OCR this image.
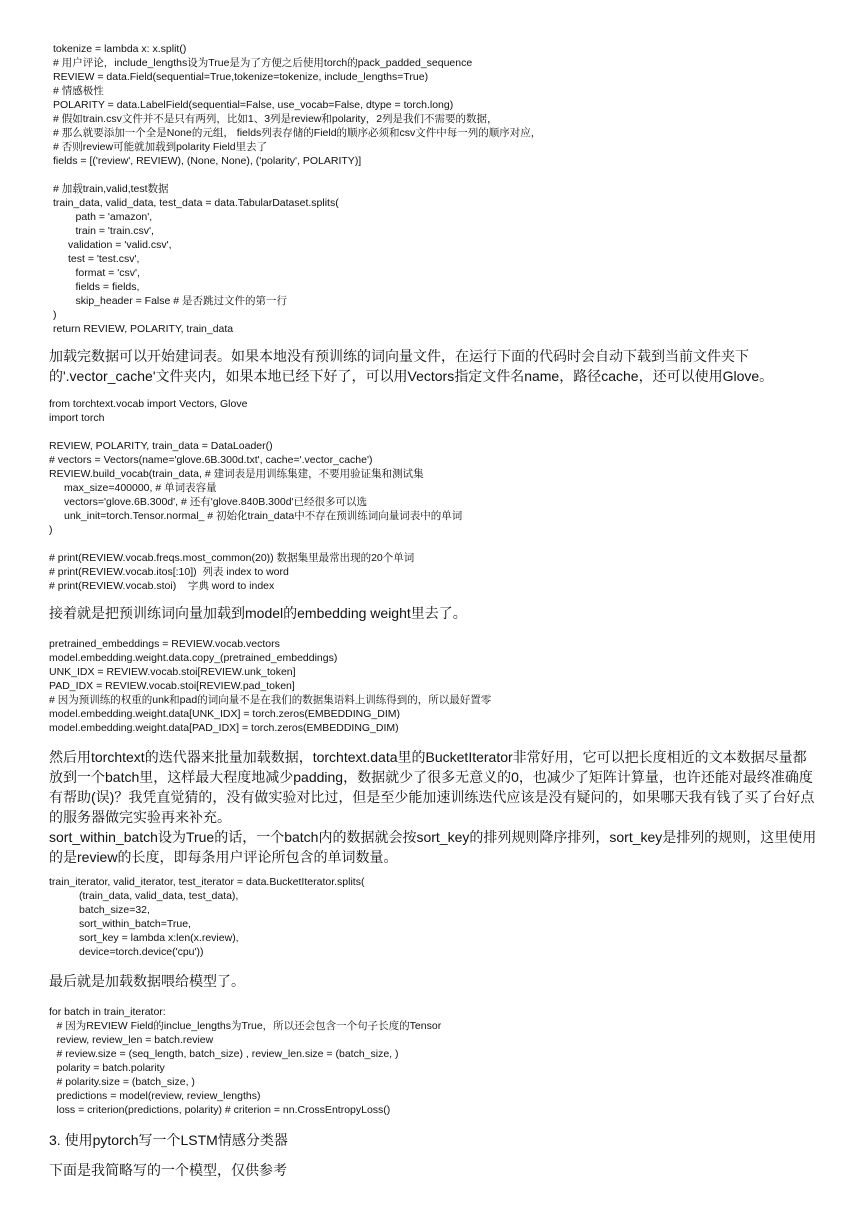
tokenize = lambda x: x.split()
# 用户评论，include_lengths设为True是为了方便之后使用torch的pack_padded_sequence
REVIEW = data.Field(sequential=True,tokenize=tokenize, include_lengths=True)
# 情感极性
POLARITY = data.LabelField(sequential=False, use_vocab=False, dtype = torch.long)
# 假如train.csv文件并不是只有两列，比如1、3列是review和polarity，2列是我们不需要的数据，
# 那么就要添加一个全是None的元组， fields列表存储的Field的顺序必须和csv文件中每一列的顺序对应，
# 否则review可能就加载到polarity Field里去了
fields = [('review', REVIEW), (None, None), ('polarity', POLARITY)]
# 加载train,valid,test数据
train_data, valid_data, test_data = data.TabularDataset.splits(
path = 'amazon',
train = 'train.csv',
validation = 'valid.csv',
test = 'test.csv',
format = 'csv',
fields = fields,
skip_header = False # 是否跳过文件的第一行
)
return REVIEW, POLARITY, train_data
加载完数据可以开始建词表。如果本地没有预训练的词向量文件，在运行下面的代码时会自动下载到当前文件夹下
的'.vector_cache'文件夹内，如果本地已经下好了，可以用Vectors指定文件名name，路径cache，还可以使用Glove。
from torchtext.vocab import Vectors, Glove
import torch
REVIEW, POLARITY, train_data = DataLoader()
# vectors = Vectors(name='glove.6B.300d.txt', cache='.vector_cache')
REVIEW.build_vocab(train_data, # 建词表是用训练集建，不要用验证集和测试集
max_size=400000, # 单词表容量
vectors='glove.6B.300d', # 还有'glove.840B.300d'已经很多可以选
unk_init=torch.Tensor.normal_ # 初始化train_data中不存在预训练词向量词表中的单词
)
# print(REVIEW.vocab.freqs.most_common(20)) 数据集里最常出现的20个单词
# print(REVIEW.vocab.itos[:10])  列表 index to word
# print(REVIEW.vocab.stoi)    字典 word to index
接着就是把预训练词向量加载到model的embedding weight里去了。
pretrained_embeddings = REVIEW.vocab.vectors
model.embedding.weight.data.copy_(pretrained_embeddings)
UNK_IDX = REVIEW.vocab.stoi[REVIEW.unk_token]
PAD_IDX = REVIEW.vocab.stoi[REVIEW.pad_token]
# 因为预训练的权重的unk和pad的词向量不是在我们的数据集语料上训练得到的，所以最好置零
model.embedding.weight.data[UNK_IDX] = torch.zeros(EMBEDDING_DIM)
model.embedding.weight.data[PAD_IDX] = torch.zeros(EMBEDDING_DIM)
然后用torchtext的迭代器来批量加载数据，torchtext.data里的BucketIterator非常好用，它可以把长度相近的文本数据尽量都
放到一个batch里，这样最大程度地减少padding，数据就少了很多无意义的0，也减少了矩阵计算量，也许还能对最终准确度
有帮助(误)？我凭直觉猜的，没有做实验对比过，但是至少能加速训练迭代应该是没有疑问的，如果哪天我有钱了买了台好点
的服务器做完实验再来补充。
sort_within_batch设为True的话，一个batch内的数据就会按sort_key的排列规则降序排列，sort_key是排列的规则，这里使用
的是review的长度，即每条用户评论所包含的单词数量。
train_iterator, valid_iterator, test_iterator = data.BucketIterator.splits(
(train_data, valid_data, test_data),
batch_size=32,
sort_within_batch=True,
sort_key = lambda x:len(x.review),
device=torch.device('cpu'))
最后就是加载数据喂给模型了。
for batch in train_iterator:
# 因为REVIEW Field的inclue_lengths为True，所以还会包含一个句子长度的Tensor
review, review_len = batch.review
# review.size = (seq_length, batch_size) , review_len.size = (batch_size, )
polarity = batch.polarity
# polarity.size = (batch_size, )
predictions = model(review, review_lengths)
loss = criterion(predictions, polarity) # criterion = nn.CrossEntropyLoss()
3. 使用pytorch写一个LSTM情感分类器
下面是我简略写的一个模型，仅供参考
